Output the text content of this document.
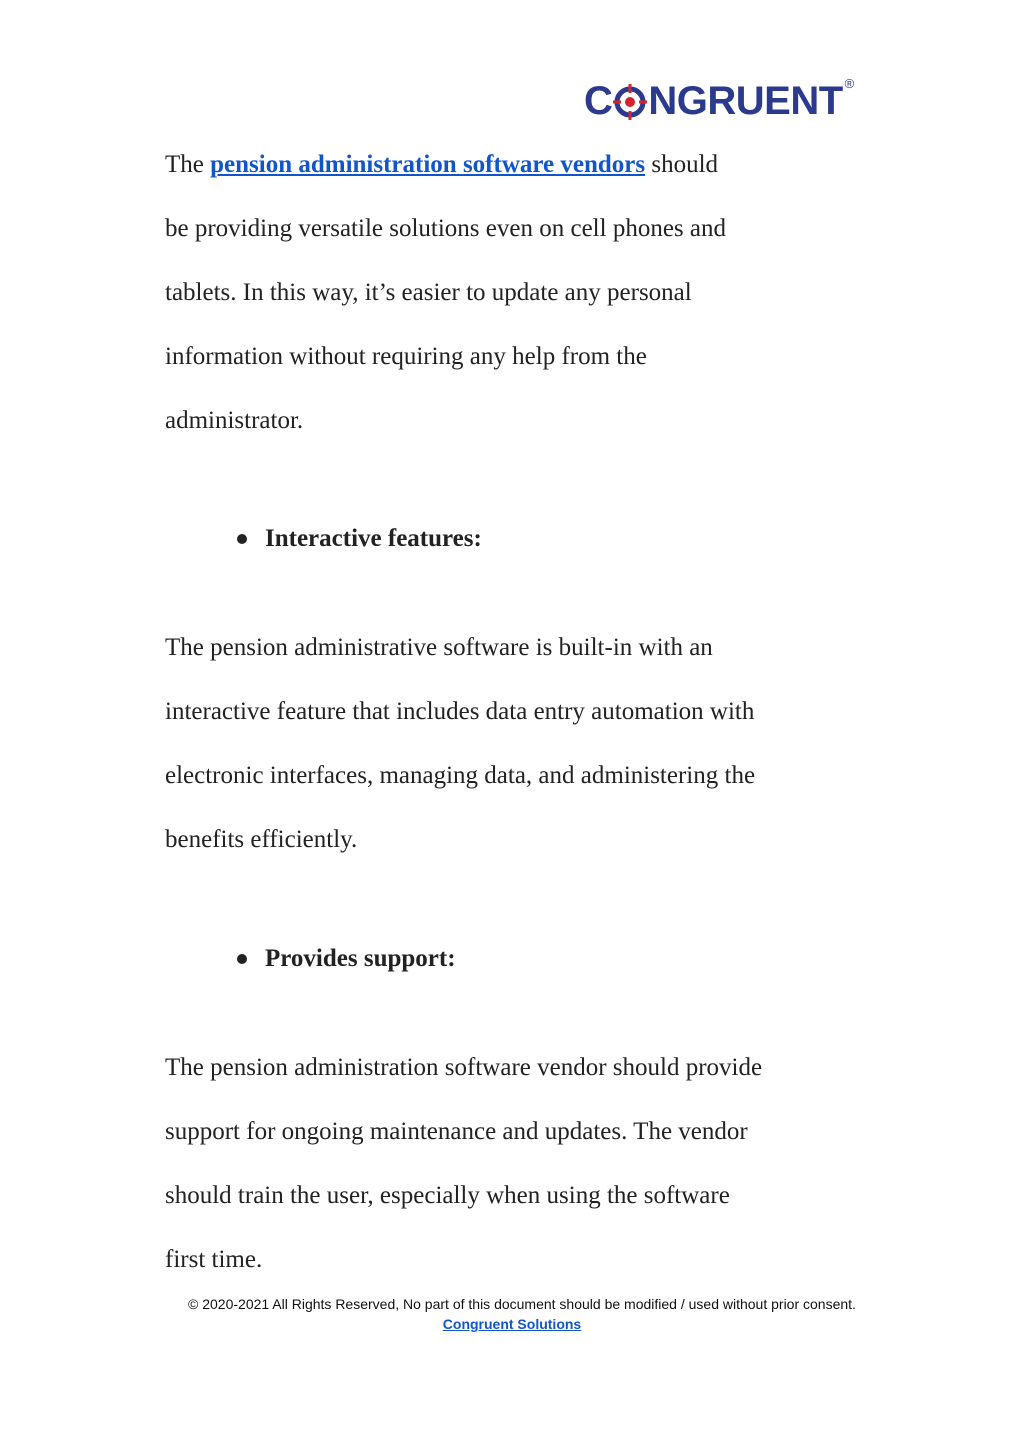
C NGRUENT ®

The pension administration software vendors should
be providing versatile solutions even on cell phones and
tablets. In this way, it’s easier to update any personal
information without requiring any help from the
administrator.

Interactive features:

The pension administrative software is built-in with an
interactive feature that includes data entry automation with
electronic interfaces, managing data, and administering the
benefits efficiently.

Provides support:

The pension administration software vendor should provide
support for ongoing maintenance and updates. The vendor
should train the user, especially when using the software
first time.

© 2020-2021 All Rights Reserved, No part of this document should be modified / used without prior consent.
Congruent Solutions
